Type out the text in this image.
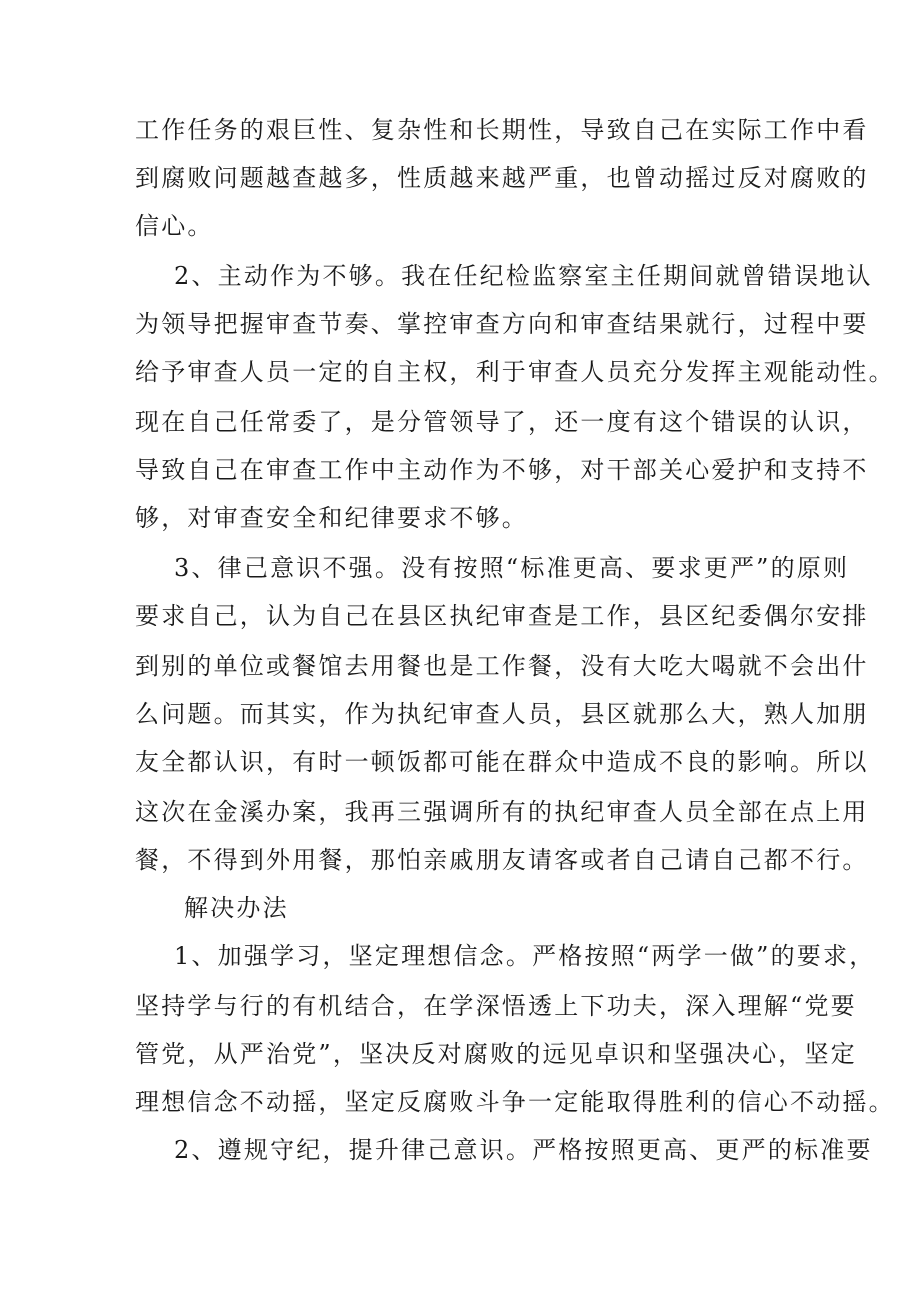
工作任务的艰巨性、复杂性和长期性，导致自己在实际工作中看
到腐败问题越查越多，性质越来越严重，也曾动摇过反对腐败的
信心。
2、主动作为不够。我在任纪检监察室主任期间就曾错误地认
为领导把握审查节奏、掌控审查方向和审查结果就行，过程中要
给予审查人员一定的自主权，利于审查人员充分发挥主观能动性。
现在自己任常委了，是分管领导了，还一度有这个错误的认识，
导致自己在审查工作中主动作为不够，对干部关心爱护和支持不
够，对审查安全和纪律要求不够。
3、律己意识不强。没有按照“标准更高、要求更严”的原则
要求自己，认为自己在县区执纪审查是工作，县区纪委偶尔安排
到别的单位或餐馆去用餐也是工作餐，没有大吃大喝就不会出什
么问题。而其实，作为执纪审查人员，县区就那么大，熟人加朋
友全都认识，有时一顿饭都可能在群众中造成不良的影响。所以
这次在金溪办案，我再三强调所有的执纪审查人员全部在点上用
餐，不得到外用餐，那怕亲戚朋友请客或者自己请自己都不行。
解决办法
1、加强学习，坚定理想信念。严格按照“两学一做”的要求，
坚持学与行的有机结合，在学深悟透上下功夫，深入理解“党要
管党，从严治党”，坚决反对腐败的远见卓识和坚强决心，坚定
理想信念不动摇，坚定反腐败斗争一定能取得胜利的信心不动摇。
2、遵规守纪，提升律己意识。严格按照更高、更严的标准要
